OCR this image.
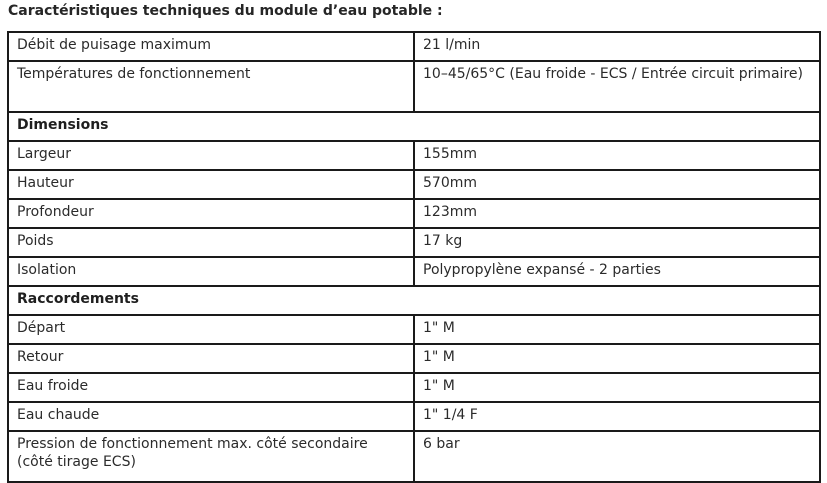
Caractéristiques techniques du module d’eau potable :
Débit de puisage maximum	21 l/min
Températures de fonctionnement	10–45/65°C (Eau froide - ECS / Entrée circuit primaire)
Dimensions	
Largeur	155mm
Hauteur	570mm
Profondeur	123mm
Poids	17 kg
Isolation	Polypropylène expansé - 2 parties
Raccordements	
Départ	1" M
Retour	1" M
Eau froide	1" M
Eau chaude	1" 1/4 F
Pression de fonctionnement max. côté secondaire (côté tirage ECS)	6 bar
